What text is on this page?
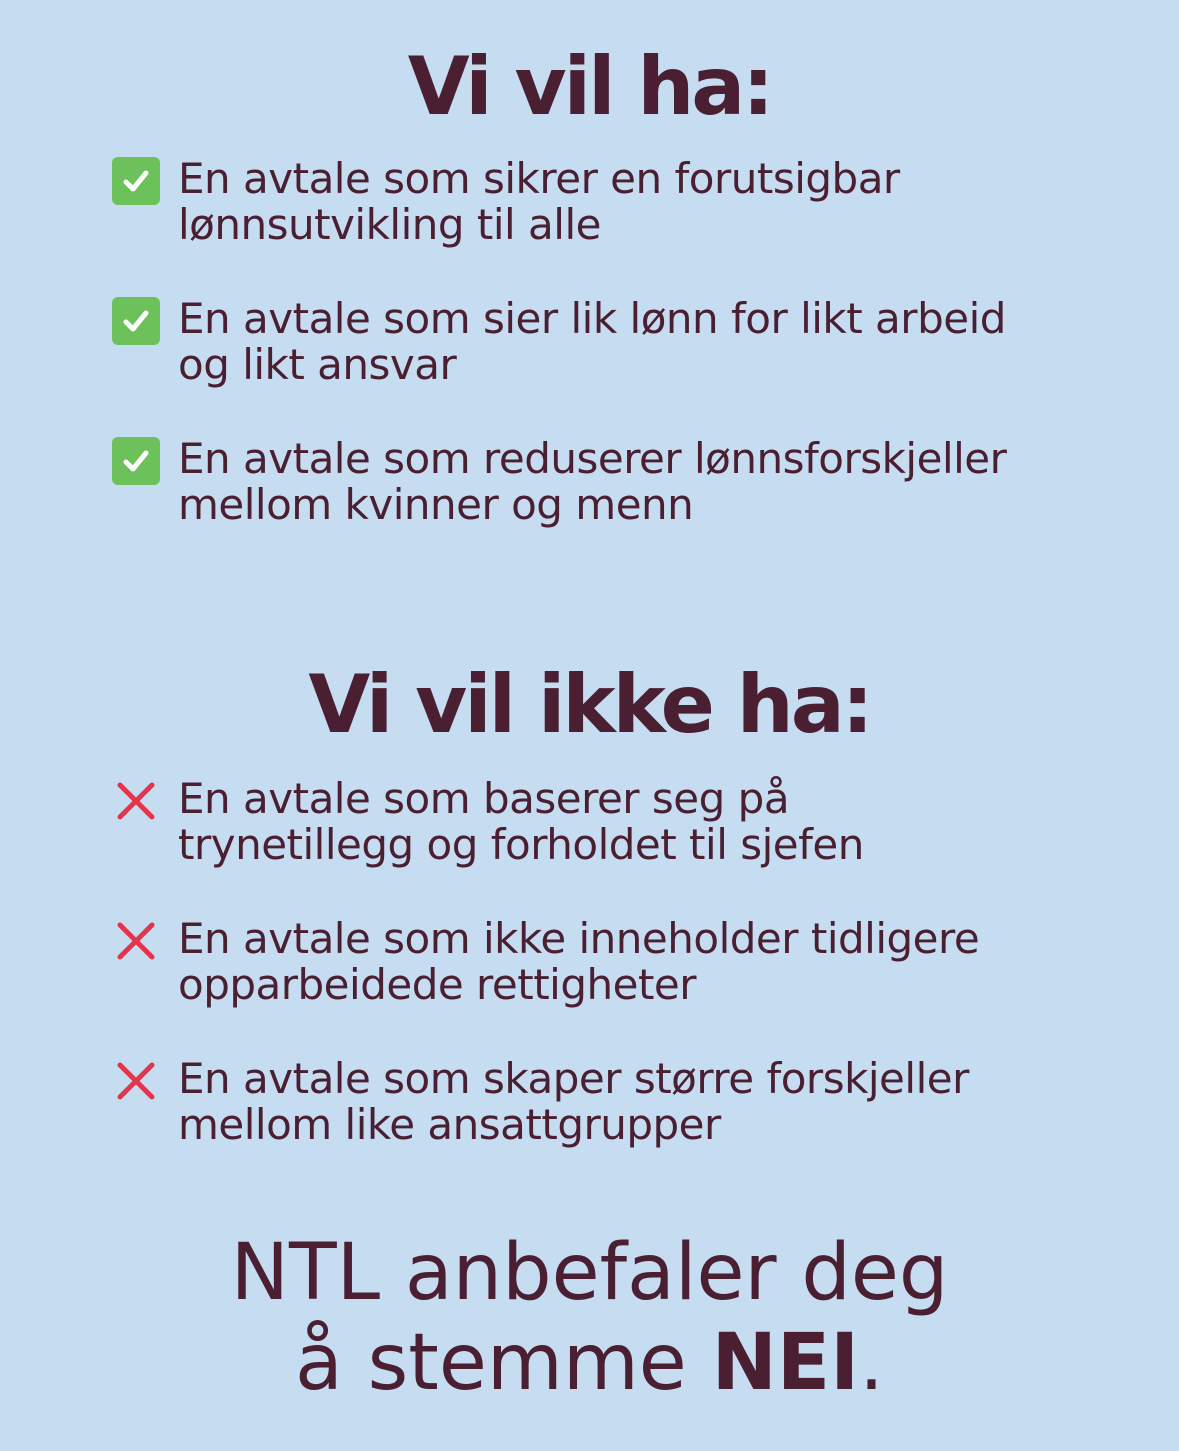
Vi vil ha:
En avtale som sikrer en forutsigbar
lønnsutvikling til alle
En avtale som sier lik lønn for likt arbeid
og likt ansvar
En avtale som reduserer lønnsforskjeller
mellom kvinner og menn
Vi vil ikke ha:
En avtale som baserer seg på
trynetillegg og forholdet til sjefen
En avtale som ikke inneholder tidligere
opparbeidede rettigheter
En avtale som skaper større forskjeller
mellom like ansattgrupper
NTL anbefaler deg
å stemme NEI.
